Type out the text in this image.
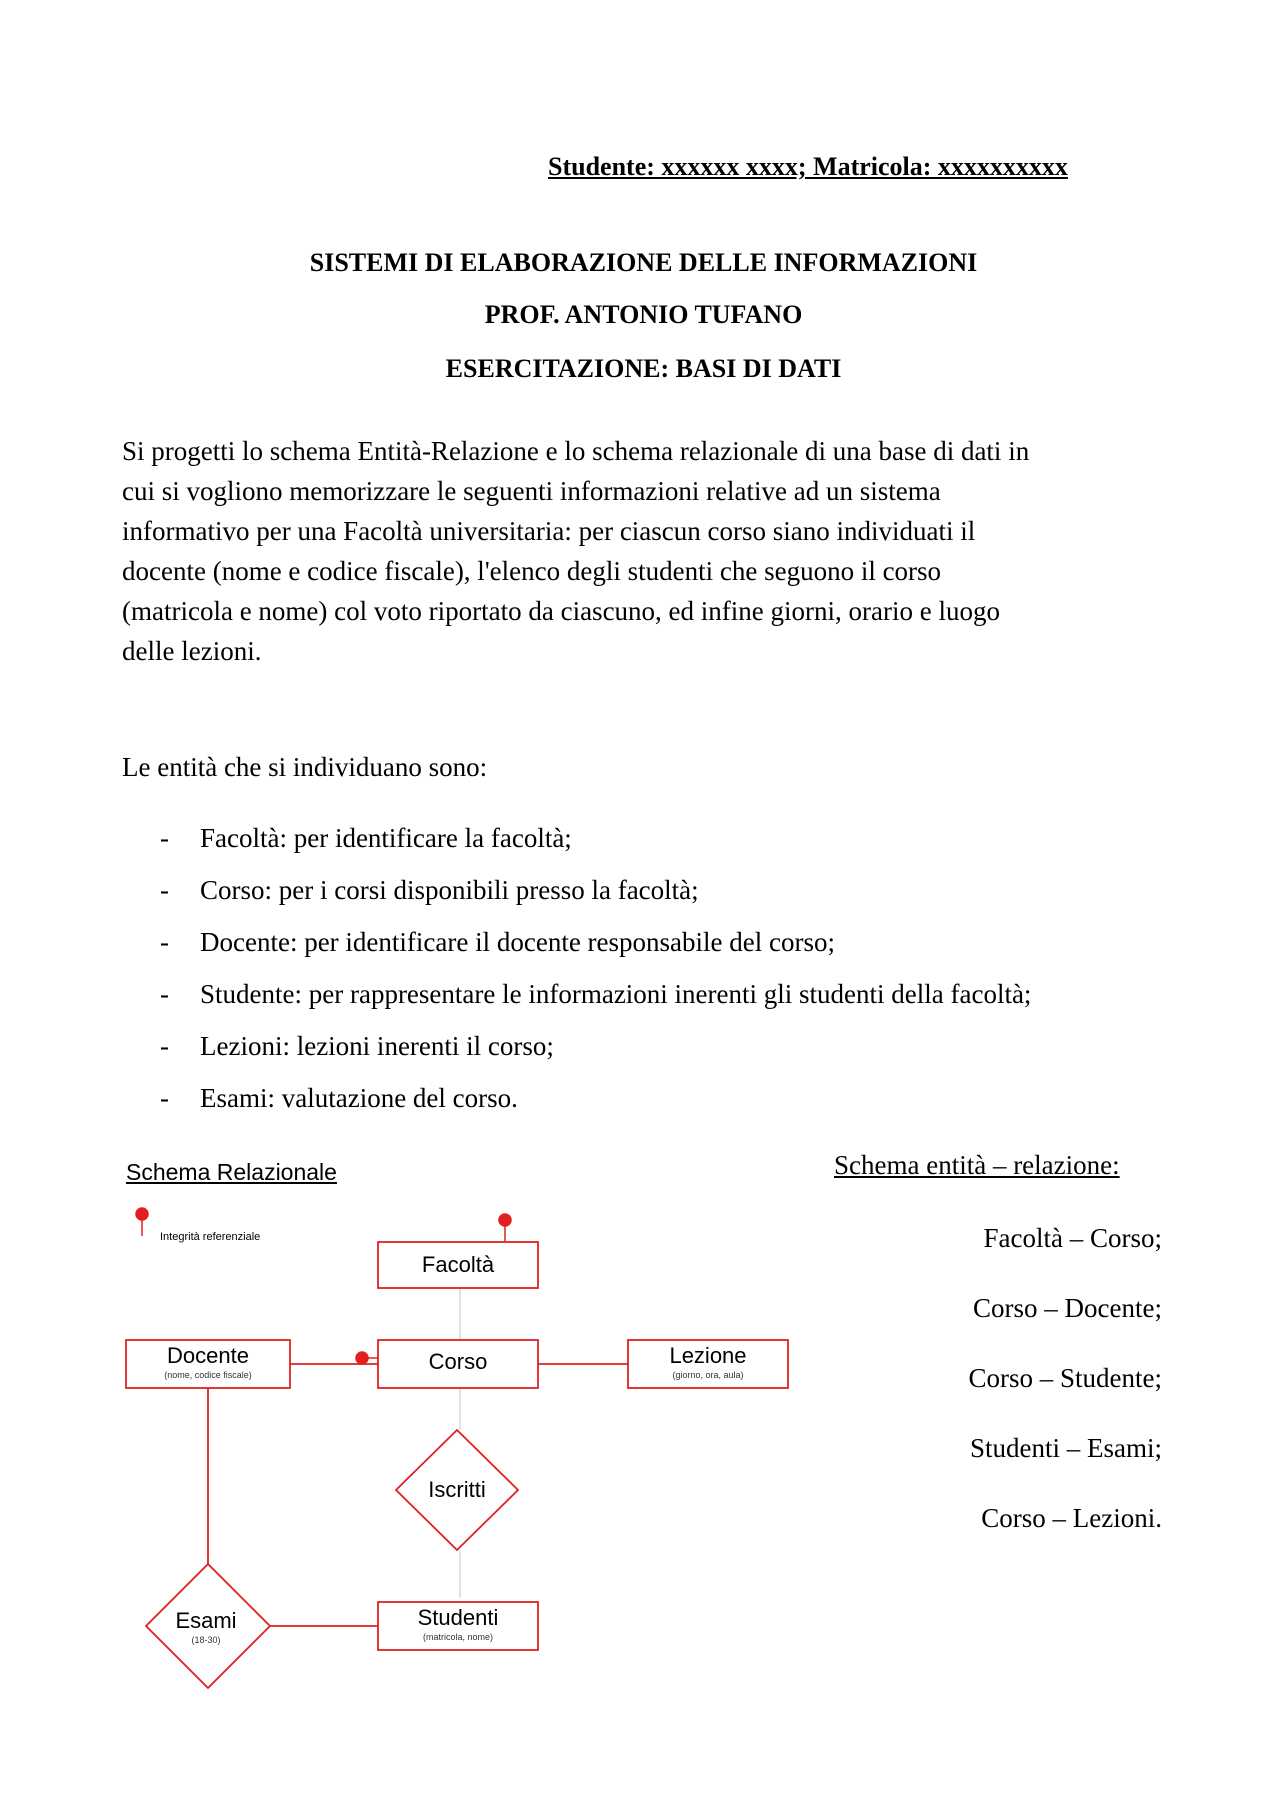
Studente: xxxxxx xxxx; Matricola: xxxxxxxxxx
SISTEMI DI ELABORAZIONE DELLE INFORMAZIONI
PROF. ANTONIO TUFANO
ESERCITAZIONE: BASI DI DATI
Si progetti lo schema Entità-Relazione e lo schema relazionale di una base di dati in
cui si vogliono memorizzare le seguenti informazioni relative ad un sistema
informativo per una Facoltà universitaria: per ciascun corso siano individuati il
docente (nome e codice fiscale), l'elenco degli studenti che seguono il corso
(matricola e nome) col voto riportato da ciascuno, ed infine giorni, orario e luogo
delle lezioni.
Le entità che si individuano sono:
- Facoltà: per identificare la facoltà;
- Corso: per i corsi disponibili presso la facoltà;
- Docente: per identificare il docente responsabile del corso;
- Studente: per rappresentare le informazioni inerenti gli studenti della facoltà;
- Lezioni: lezioni inerenti il corso;
- Esami: valutazione del corso.
Schema Relazionale
Integrità referenziale
Facoltà
Corso
Docente
(nome, codice fiscale)
Lezione
(giorno, ora, aula)
Iscritti
Esami
(18-30)
Studenti
(matricola, nome)
Schema entità – relazione:
Facoltà – Corso;
Corso – Docente;
Corso – Studente;
Studenti – Esami;
Corso – Lezioni.
